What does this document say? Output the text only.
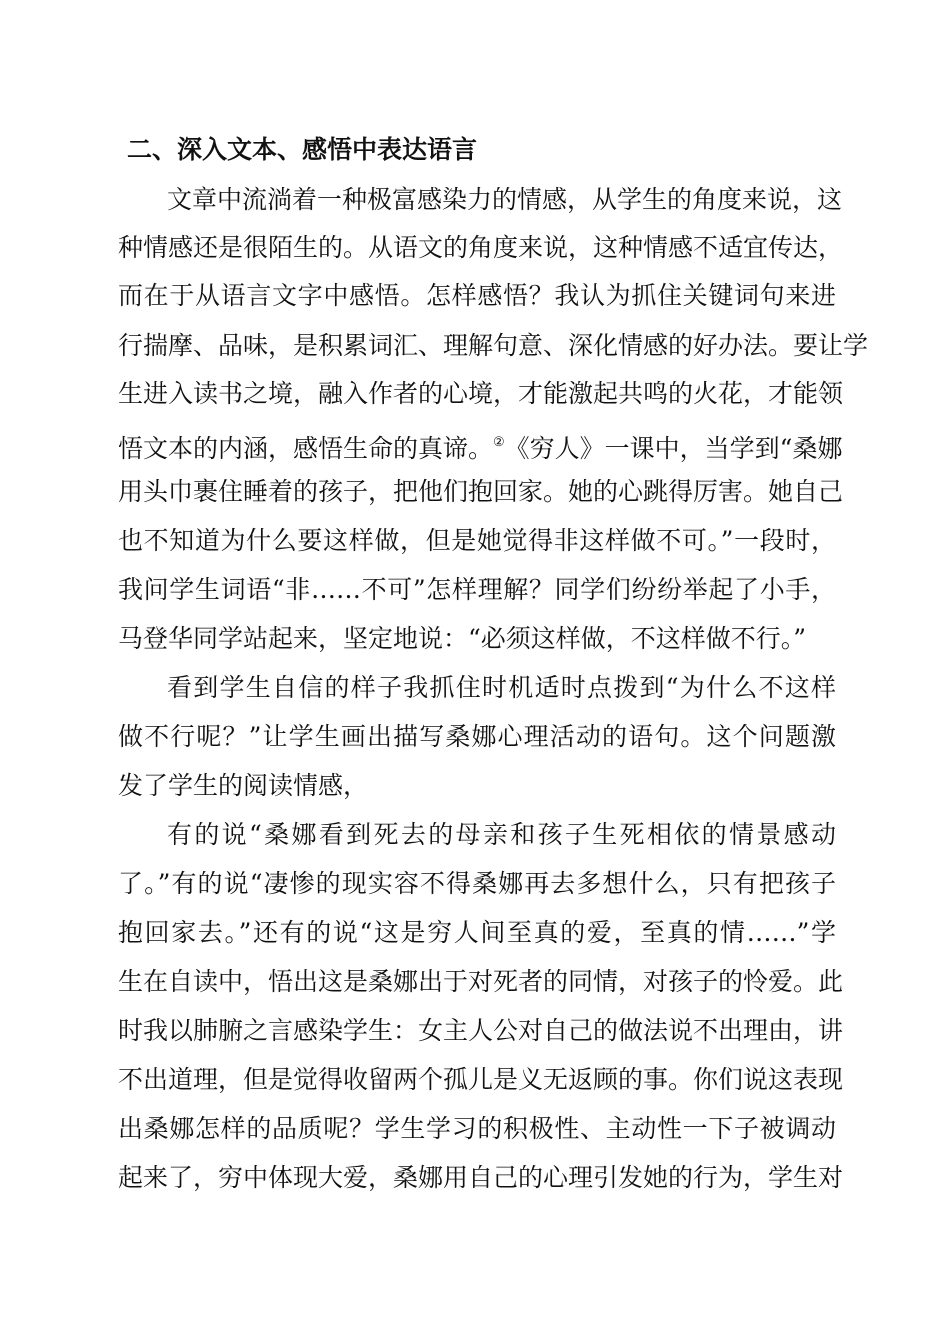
二、深入文本、感悟中表达语言
文章中流淌着一种极富感染力的情感，从学生的角度来说，这
种情感还是很陌生的。从语文的角度来说，这种情感不适宜传达，
而在于从语言文字中感悟。怎样感悟？我认为抓住关键词句来进
行揣摩、品味，是积累词汇、理解句意、深化情感的好办法。要让学
生进入读书之境，融入作者的心境，才能激起共鸣的火花，才能领
悟文本的内涵，感悟生命的真谛。②《穷人》一课中，当学到“桑娜
用头巾裹住睡着的孩子，把他们抱回家。她的心跳得厉害。她自己
也不知道为什么要这样做，但是她觉得非这样做不可。”一段时，
我问学生词语“非……不可”怎样理解？同学们纷纷举起了小手，
马登华同学站起来，坚定地说：“必须这样做，不这样做不行。”
看到学生自信的样子我抓住时机适时点拨到“为什么不这样
做不行呢？”让学生画出描写桑娜心理活动的语句。这个问题激
发了学生的阅读情感，
有的说“桑娜看到死去的母亲和孩子生死相依的情景感动
了。”有的说“凄惨的现实容不得桑娜再去多想什么，只有把孩子
抱回家去。”还有的说“这是穷人间至真的爱，至真的情……”学
生在自读中，悟出这是桑娜出于对死者的同情，对孩子的怜爱。此
时我以肺腑之言感染学生：女主人公对自己的做法说不出理由，讲
不出道理，但是觉得收留两个孤儿是义无返顾的事。你们说这表现
出桑娜怎样的品质呢？学生学习的积极性、主动性一下子被调动
起来了，穷中体现大爱，桑娜用自己的心理引发她的行为，学生对
